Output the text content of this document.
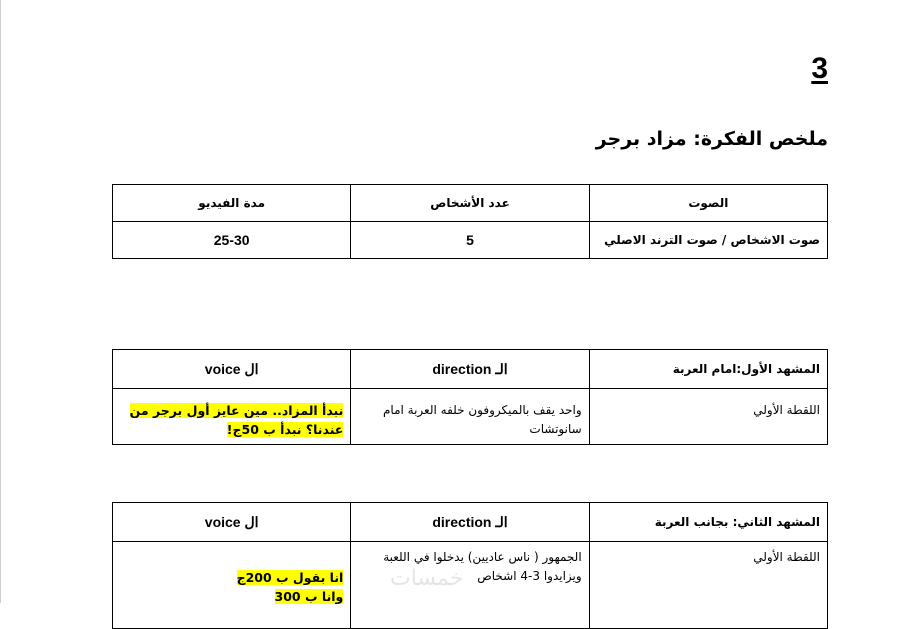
3
ملخص الفكرة: مزاد برجر
الصوت	عدد الأشخاص	مدة الفيديو
صوت الاشخاص / صوت الترند الاصلي	5	25-30
المشهد الأول:امام العربة	الـ direction	ال voice
اللقطة الأولي	واحد يقف بالميكروفون خلفه العربة امام سانوتشات	نبدأ المزاد.. مين عايز أول برجر من عندنا؟ نبدأ ب 50ج!
المشهد الثاني: بجانب العربة	الـ direction	ال voice
اللقطة الأولي	الجمهور ( ناس عاديين) يدخلوا في اللعبة ويزايدوا 3-4 اشخاص	انا بقول ب 200ج
وانا ب 300
خمسات
